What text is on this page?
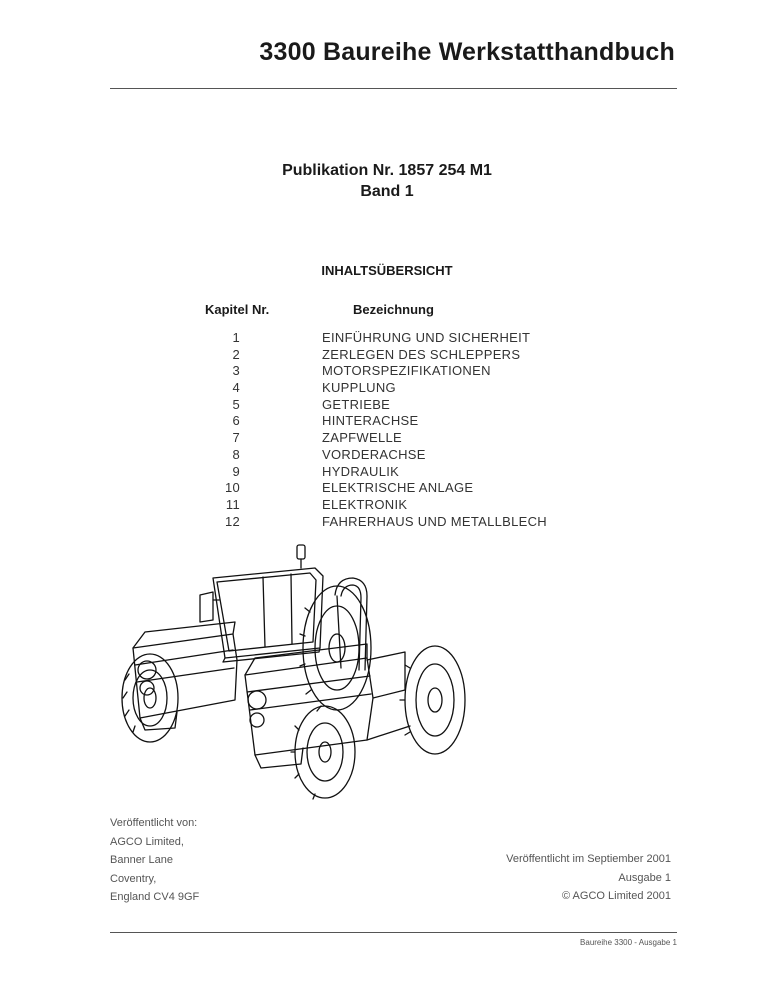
3300 Baureihe Werkstatthandbuch
Publikation Nr. 1857 254 M1
Band 1
INHALTSÜBERSICHT
Kapitel Nr.	Bezeichnung
1	EINFÜHRUNG UND SICHERHEIT
2	ZERLEGEN DES SCHLEPPERS
3	MOTORSPEZIFIKATIONEN
4	KUPPLUNG
5	GETRIEBE
6	HINTERACHSE
7	ZAPFWELLE
8	VORDERACHSE
9	HYDRAULIK
10	ELEKTRISCHE ANLAGE
11	ELEKTRONIK
12	FAHRERHAUS UND METALLBLECH
Veröffentlicht von:
AGCO Limited,
Banner Lane
Coventry,
England CV4 9GF
Veröffentlicht im Septiember 2001
Ausgabe 1
© AGCO Limited 2001
Baureihe 3300 - Ausgabe 1
